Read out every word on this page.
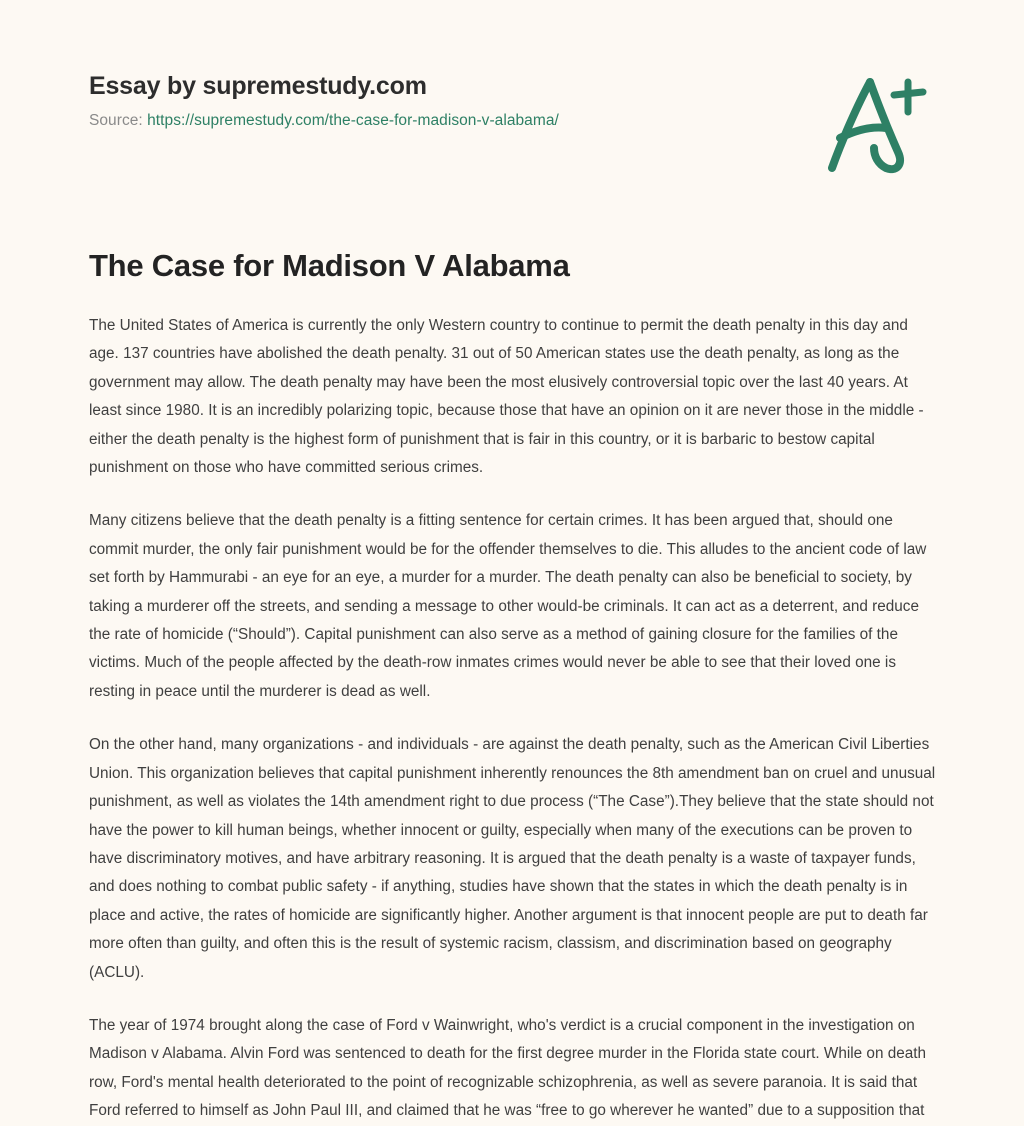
Essay by supremestudy.com
Source: https://supremestudy.com/the-case-for-madison-v-alabama/
The Case for Madison V Alabama

The United States of America is currently the only Western country to continue to permit the death penalty in this day and age. 137 countries have abolished the death penalty. 31 out of 50 American states use the death penalty, as long as the government may allow. The death penalty may have been the most elusively controversial topic over the last 40 years. At least since 1980. It is an incredibly polarizing topic, because those that have an opinion on it are never those in the middle - either the death penalty is the highest form of punishment that is fair in this country, or it is barbaric to bestow capital punishment on those who have committed serious crimes.

Many citizens believe that the death penalty is a fitting sentence for certain crimes. It has been argued that, should one commit murder, the only fair punishment would be for the offender themselves to die. This alludes to the ancient code of law set forth by Hammurabi - an eye for an eye, a murder for a murder. The death penalty can also be beneficial to society, by taking a murderer off the streets, and sending a message to other would-be criminals. It can act as a deterrent, and reduce the rate of homicide (“Should”). Capital punishment can also serve as a method of gaining closure for the families of the victims. Much of the people affected by the death-row inmates crimes would never be able to see that their loved one is resting in peace until the murderer is dead as well.

On the other hand, many organizations - and individuals - are against the death penalty, such as the American Civil Liberties Union. This organization believes that capital punishment inherently renounces the 8th amendment ban on cruel and unusual punishment, as well as violates the 14th amendment right to due process (“The Case”).They believe that the state should not have the power to kill human beings, whether innocent or guilty, especially when many of the executions can be proven to have discriminatory motives, and have arbitrary reasoning. It is argued that the death penalty is a waste of taxpayer funds, and does nothing to combat public safety - if anything, studies have shown that the states in which the death penalty is in place and active, the rates of homicide are significantly higher. Another argument is that innocent people are put to death far more often than guilty, and often this is the result of systemic racism, classism, and discrimination based on geography (ACLU).

The year of 1974 brought along the case of Ford v Wainwright, who's verdict is a crucial component in the investigation on Madison v Alabama. Alvin Ford was sentenced to death for the first degree murder in the Florida state court. While on death row, Ford's mental health deteriorated to the point of recognizable schizophrenia, as well as severe paranoia. It is said that Ford referred to himself as John Paul III, and claimed that he was “free to go wherever he wanted” due to a supposition that
